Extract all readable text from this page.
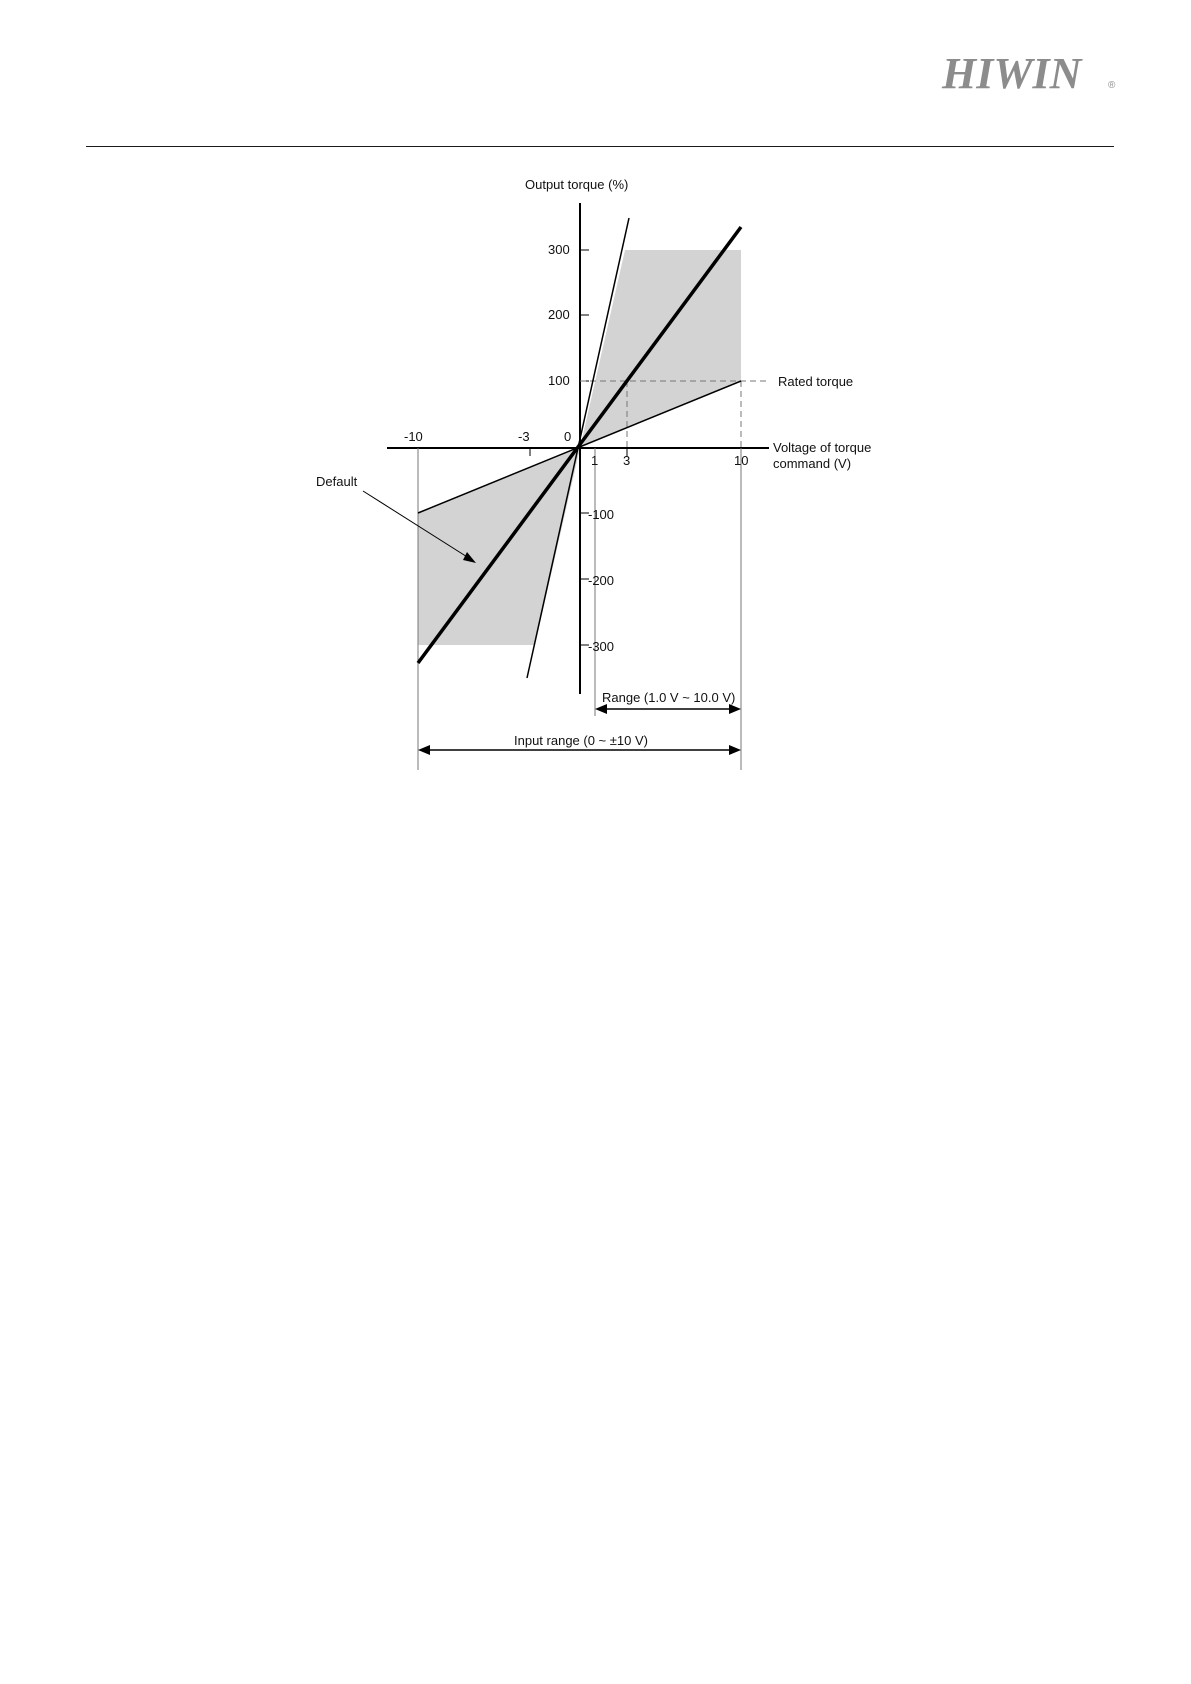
HIWIN	®
Output torque (%)
300
200
100
-100
-200
-300
-10	-3	0
1 3	10
Voltage of torque
command (V)
Rated torque
Default
Range (1.0 V ~ 10.0 V)
Input range (0 ~ ±10 V)
